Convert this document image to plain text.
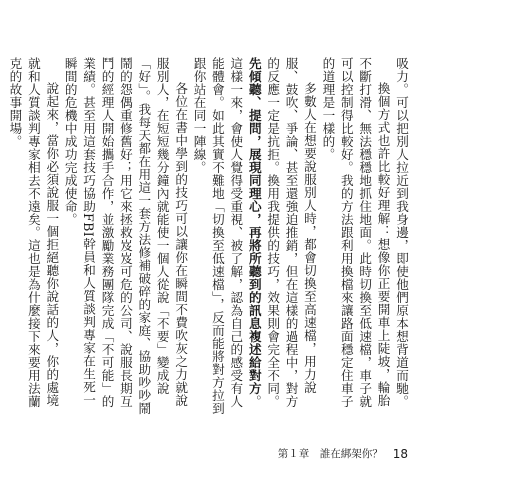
吸力。可以把別人拉近到我身邊，即使他們原本想背道而馳。

換個方式也許比較好理解：想像你正要開車上陡坡，輪胎不斷打滑、無法穩穩地抓住地面。此時切換至低速檔，車子就可以控制得比較好。我的方法跟利用換檔來讓路面穩定住車子的道理是一樣的。

多數人在想要說服別人時，都會切換至高速檔，用力說服、鼓吹、爭論、甚至還強迫推銷，但在這樣的過程中，對方的反應一定是抗拒。換用我提供的技巧，效果則會完全不同。先傾聽、提問，展現同理心，再將所聽到的訊息複述給對方。這樣一來，會使人覺得受重視、被了解，認為自己的感受有人能體會。如此其實不難地「切換至低速檔」，反而能將對方拉到跟你站在同一陣線。

各位在書中學到的技巧可以讓你在瞬間不費吹灰之力就說服別人，在短短幾分鐘內就能使一個人從說「不要」變成說「好」。我每天都在用這一套方法修補破碎的家庭、協助吵吵鬧鬧的怨偶重修舊好；用它來拯救岌岌可危的公司、說服長期互鬥的經理人開始攜手合作，並激勵業務團隊完成「不可能」的業績。甚至用這套技巧協助FBI幹員和人質談判專家在生死一瞬間的危機中成功完成使命。

說起來，當你必須說服一個拒絕聽你說話的人，你的處境就和人質談判專家相去不遠矣。這也是為什麼接下來要用法蘭克的故事開場。

第１章　誰在綁架你？ 18
